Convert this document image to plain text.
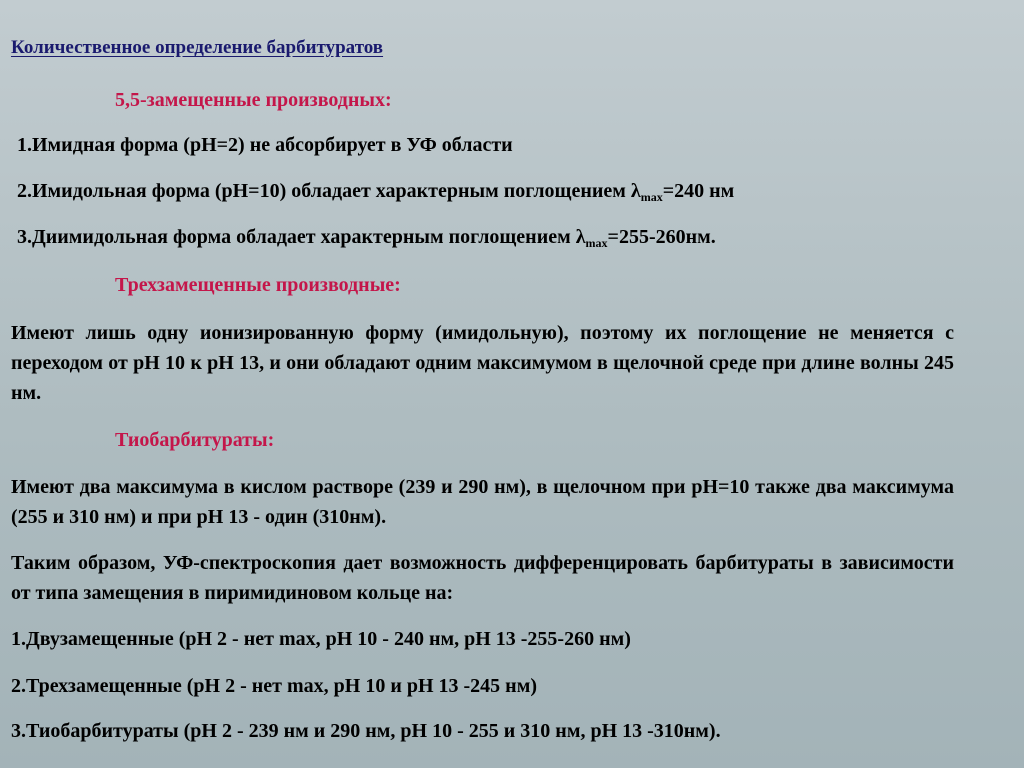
Количественное определение барбитуратов
5,5-замещенные производных:
1.Имидная форма (рН=2) не абсорбирует в УФ области
2.Имидольная форма (рН=10) обладает характерным поглощением $\lambda_{max}=240$ нм
3.Диимидольная форма обладает характерным поглощением $\lambda_{max}=255-260нм$.
Трехзамещенные производные:
Имеют лишь одну ионизированную форму (имидольную), поэтому их поглощение не меняется с переходом от рН 10 к рН 13, и они обладают одним максимумом в щелочной среде при длине волны 245 нм.
Тиобарбитураты:
Имеют два максимума в кислом растворе (239 и 290 нм), в щелочном при рН=10 также два максимума (255 и 310 нм) и при рН 13 - один (310нм).
Таким образом, УФ-спектроскопия дает возможность дифференцировать барбитураты в зависимости от типа замещения в пиримидиновом кольце на:
1.Двузамещенные (рН 2 - нет max, рН 10 - 240 нм, рН 13 -255-260 нм)
2.Трехзамещенные (рН 2 - нет max, рН 10 и рН 13 -245 нм)
3.Тиобарбитураты (рН 2 - 239 нм и 290 нм, рН 10 - 255 и 310 нм, рН 13 -310нм).
